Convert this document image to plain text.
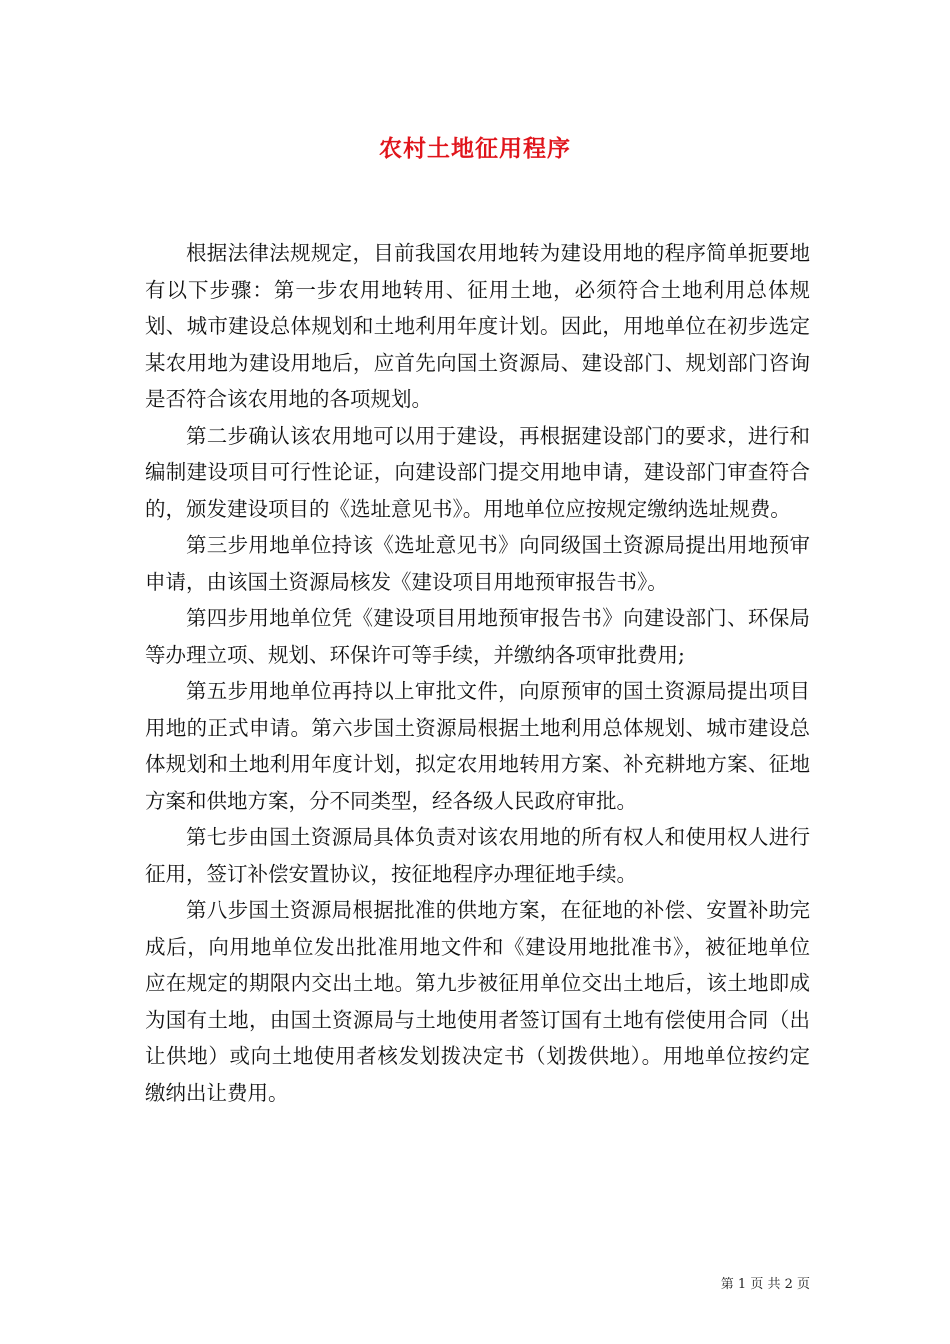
农村土地征用程序

根据法律法规规定，目前我国农用地转为建设用地的程序简单扼要地有以下步骤：第一步农用地转用、征用土地，必须符合土地利用总体规划、城市建设总体规划和土地利用年度计划。因此，用地单位在初步选定某农用地为建设用地后，应首先向国土资源局、建设部门、规划部门咨询是否符合该农用地的各项规划。

第二步确认该农用地可以用于建设，再根据建设部门的要求，进行和编制建设项目可行性论证，向建设部门提交用地申请，建设部门审查符合的，颁发建设项目的《选址意见书》。用地单位应按规定缴纳选址规费。

第三步用地单位持该《选址意见书》向同级国土资源局提出用地预审申请，由该国土资源局核发《建设项目用地预审报告书》。

第四步用地单位凭《建设项目用地预审报告书》向建设部门、环保局等办理立项、规划、环保许可等手续，并缴纳各项审批费用;

第五步用地单位再持以上审批文件，向原预审的国土资源局提出项目用地的正式申请。第六步国土资源局根据土地利用总体规划、城市建设总体规划和土地利用年度计划，拟定农用地转用方案、补充耕地方案、征地方案和供地方案，分不同类型，经各级人民政府审批。

第七步由国土资源局具体负责对该农用地的所有权人和使用权人进行征用，签订补偿安置协议，按征地程序办理征地手续。

第八步国土资源局根据批准的供地方案，在征地的补偿、安置补助完成后，向用地单位发出批准用地文件和《建设用地批准书》，被征地单位应在规定的期限内交出土地。第九步被征用单位交出土地后，该土地即成为国有土地，由国土资源局与土地使用者签订国有土地有偿使用合同（出让供地）或向土地使用者核发划拨决定书（划拨供地）。用地单位按约定缴纳出让费用。

第 1 页 共 2 页
